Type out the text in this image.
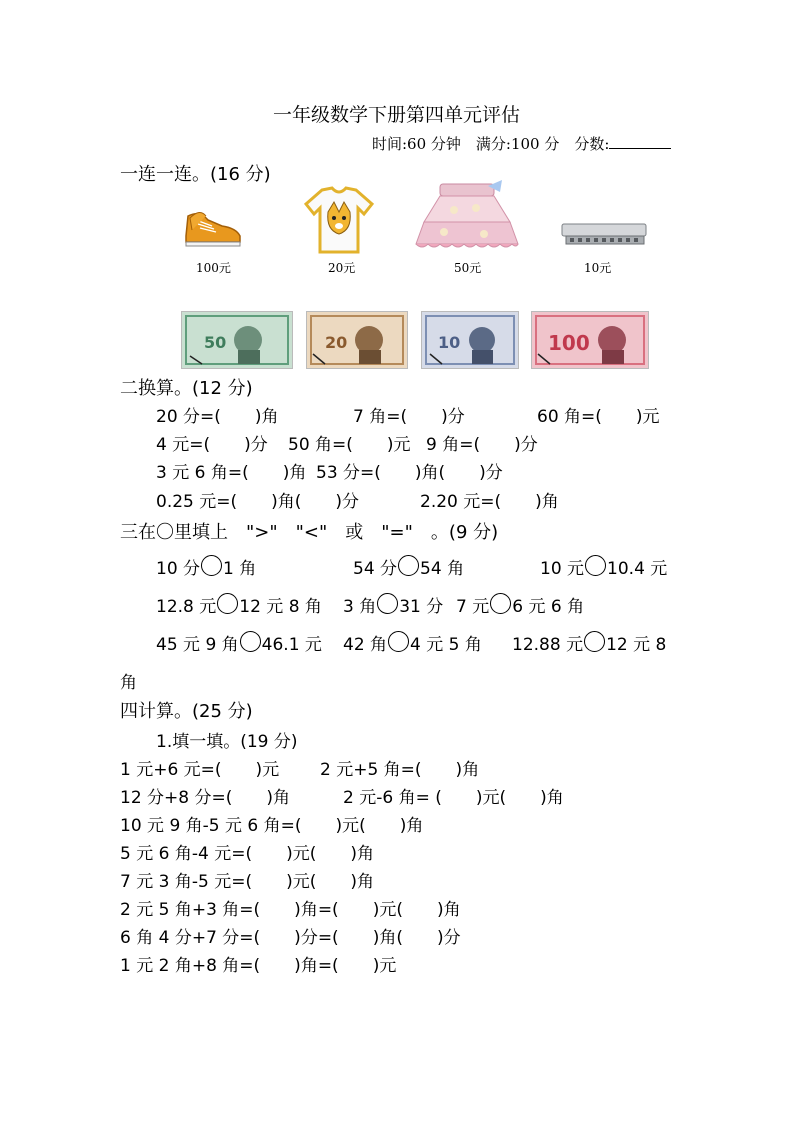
一年级数学下册第四单元评估
时间:60 分钟　满分:100 分　分数:
一连一连。(16 分)
100元	20元	50元	10元
50	20	10	100
二换算。(12 分)
20 分=(　　)角	7 角=(　　)分	60 角=(　　)元
4 元=(　　)分 50 角=(　　)元 9 角=(　　)分
3 元 6 角=(　　)角 53 分=(　　)角(　　)分
0.25 元=(　　)角(　　)分	2.20 元=(　　)角
三在〇里填上　">"　"<"　或　"="　。(9 分)
10 分 1 角	54 分 54 角	10 元 10.4 元
12.8 元 12 元 8 角 3 角 31 分 7 元 6 元 6 角
45 元 9 角 46.1 元 42 角 4 元 5 角 12.88 元 12 元 8
角
四计算。(25 分)
1.填一填。(19 分)
1 元+6 元=(　　)元 2 元+5 角=(　　)角
12 分+8 分=(　　)角	2 元-6 角= (　　)元(　　)角
10 元 9 角-5 元 6 角=(　　)元(　　)角
5 元 6 角-4 元=(　　)元(　　)角
7 元 3 角-5 元=(　　)元(　　)角
2 元 5 角+3 角=(　　)角=(　　)元(　　)角
6 角 4 分+7 分=(　　)分=(　　)角(　　)分
1 元 2 角+8 角=(　　)角=(　　)元
